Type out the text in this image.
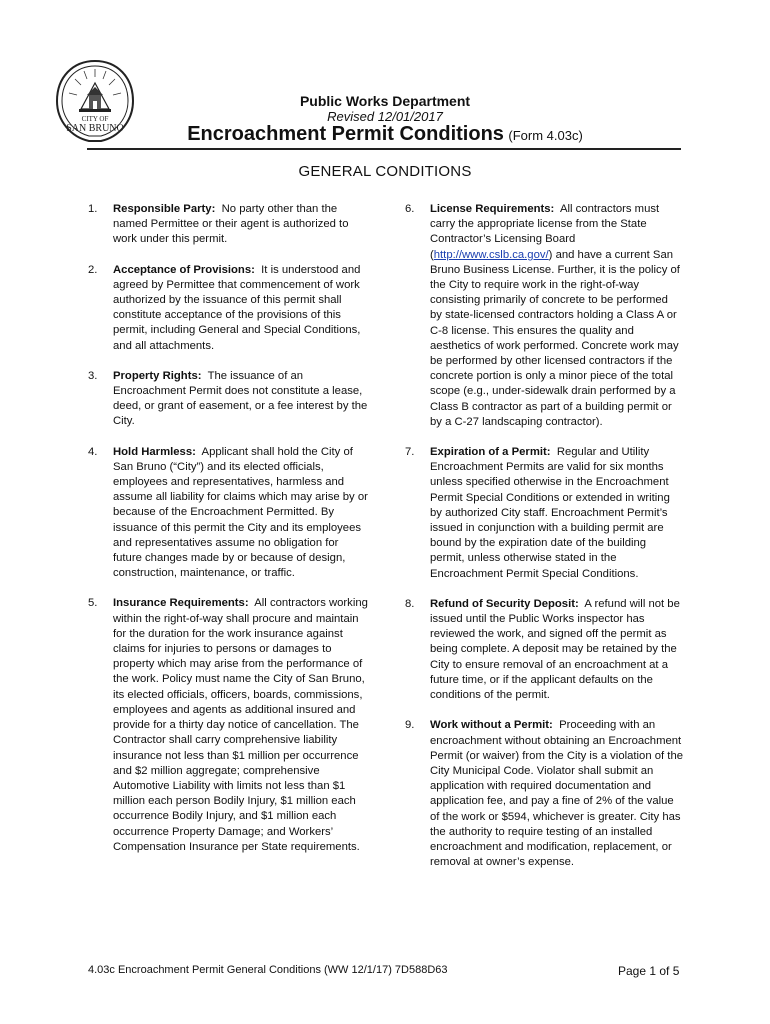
CITY OF
SAN BRUNO
Public Works Department
Revised 12/01/2017
Encroachment Permit Conditions (Form 4.03c)
GENERAL CONDITIONS
1. Responsible Party: No party other than the named Permittee or their agent is authorized to work under this permit.
2. Acceptance of Provisions: It is understood and agreed by Permittee that commencement of work authorized by the issuance of this permit shall constitute acceptance of the provisions of this permit, including General and Special Conditions, and all attachments.
3. Property Rights: The issuance of an Encroachment Permit does not constitute a lease, deed, or grant of easement, or a fee interest by the City.
4. Hold Harmless: Applicant shall hold the City of San Bruno (“City”) and its elected officials, employees and representatives, harmless and assume all liability for claims which may arise by or because of the Encroachment Permitted. By issuance of this permit the City and its employees and representatives assume no obligation for future changes made by or because of design, construction, maintenance, or traffic.
5. Insurance Requirements: All contractors working within the right-of-way shall procure and maintain for the duration for the work insurance against claims for injuries to persons or damages to property which may arise from the performance of the work. Policy must name the City of San Bruno, its elected officials, officers, boards, commissions, employees and agents as additional insured and provide for a thirty day notice of cancellation. The Contractor shall carry comprehensive liability insurance not less than $1 million per occurrence and $2 million aggregate; comprehensive Automotive Liability with limits not less than $1 million each person Bodily Injury, $1 million each occurrence Bodily Injury, and $1 million each occurrence Property Damage; and Workers’ Compensation Insurance per State requirements.
6. License Requirements: All contractors must carry the appropriate license from the State Contractor’s Licensing Board (http://www.cslb.ca.gov/) and have a current San Bruno Business License. Further, it is the policy of the City to require work in the right-of-way consisting primarily of concrete to be performed by state-licensed contractors holding a Class A or C-8 license. This ensures the quality and aesthetics of work performed. Concrete work may be performed by other licensed contractors if the concrete portion is only a minor piece of the total scope (e.g., under-sidewalk drain performed by a Class B contractor as part of a building permit or by a C-27 landscaping contractor).
7. Expiration of a Permit: Regular and Utility Encroachment Permits are valid for six months unless specified otherwise in the Encroachment Permit Special Conditions or extended in writing by authorized City staff. Encroachment Permit’s issued in conjunction with a building permit are bound by the expiration date of the building permit, unless otherwise stated in the Encroachment Permit Special Conditions.
8. Refund of Security Deposit: A refund will not be issued until the Public Works inspector has reviewed the work, and signed off the permit as being complete. A deposit may be retained by the City to ensure removal of an encroachment at a future time, or if the applicant defaults on the conditions of the permit.
9. Work without a Permit: Proceeding with an encroachment without obtaining an Encroachment Permit (or waiver) from the City is a violation of the City Municipal Code. Violator shall submit an application with required documentation and application fee, and pay a fine of 2% of the value of the work or $594, whichever is greater. City has the authority to require testing of an installed encroachment and modification, replacement, or removal at owner’s expense.
4.03c Encroachment Permit General Conditions (WW 12/1/17) 7D588D63	Page 1 of 5
